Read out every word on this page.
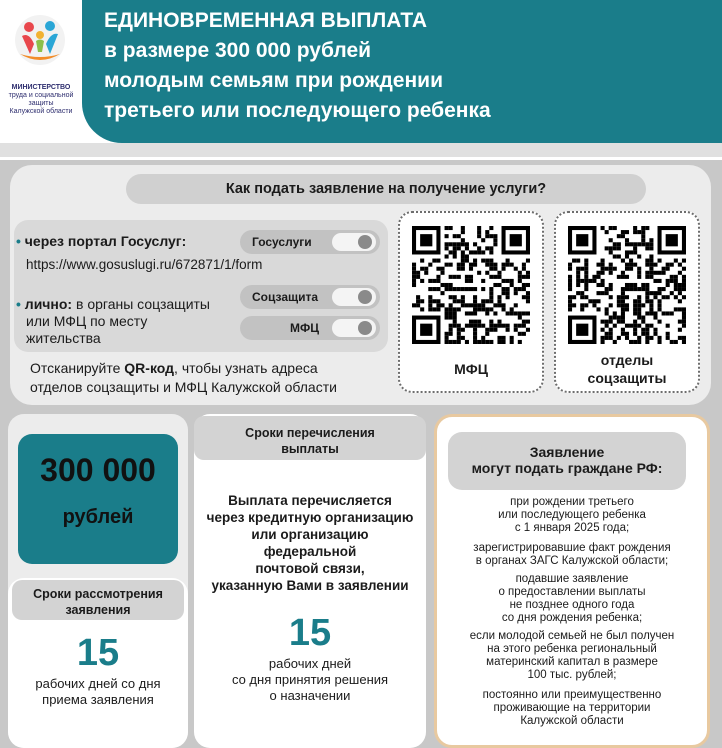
МИНИСТЕРСТВО
труда и социальной
защиты
Калужской области
ЕДИНОВРЕМЕННАЯ ВЫПЛАТА
в размере 300 000 рублей
молодым семьям при рождении
третьего или последующего ребенка
Как подать заявление на получение услуги?
• через портал Госуслуг:
https://www.gosuslugi.ru/672871/1/form
• лично: в органы соцзащиты
или МФЦ по месту
жительства
Госуслуги
Соцзащита
МФЦ
Отсканируйте QR-код, чтобы узнать адреса
отделов соцзащиты и МФЦ Калужской области
МФЦ
отделы
соцзащиты
300 000
рублей
Сроки рассмотрения
заявления
15
рабочих дней со дня
приема заявления
Сроки перечисления
выплаты
Выплата перечисляется
через кредитную организацию
или организацию
федеральной
почтовой связи,
указанную Вами в заявлении
15
рабочих дней
со дня принятия решения
о назначении
Заявление
могут подать граждане РФ:
при рождении третьего
или последующего ребенка
с 1 января 2025 года;
зарегистрировавшие факт рождения
в органах ЗАГС Калужской области;
подавшие заявление
о предоставлении выплаты
не позднее одного года
со дня рождения ребенка;
если молодой семьей не был получен
на этого ребенка региональный
материнский капитал в размере
100 тыс. рублей;
постоянно или преимущественно
проживающие на территории
Калужской области
